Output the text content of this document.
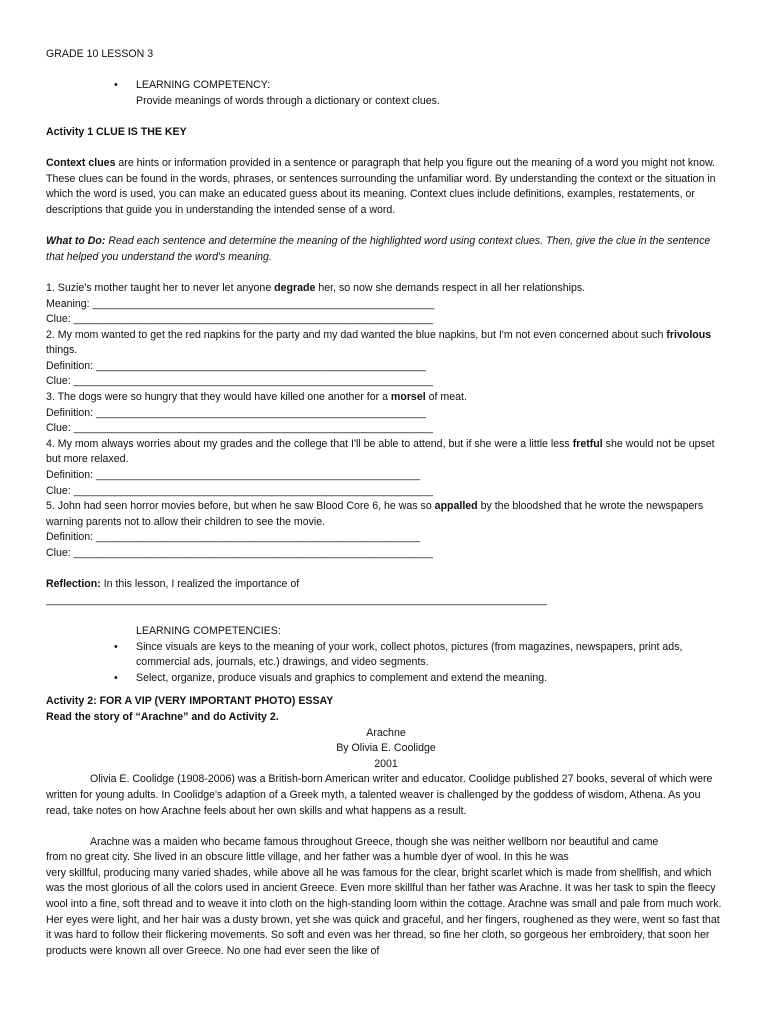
GRADE 10 LESSON 3

• LEARNING COMPETENCY:

Provide meanings of words through a dictionary or context clues.

Activity 1 CLUE IS THE KEY

Context clues are hints or information provided in a sentence or paragraph that help you figure out the meaning of a word you might not know. These clues can be found in the words, phrases, or sentences surrounding the unfamiliar word. By understanding the context or the situation in which the word is used, you can make an educated guess about its meaning. Context clues include definitions, examples, restatements, or descriptions that guide you in understanding the intended sense of a word.

What to Do: Read each sentence and determine the meaning of the highlighted word using context clues. Then, give the clue in the sentence that helped you understand the word's meaning.

1. Suzie's mother taught her to never let anyone degrade her, so now she demands respect in all her relationships.

Meaning: __________________________________________________________

Clue: _____________________________________________________________

2. My mom wanted to get the red napkins for the party and my dad wanted the blue napkins, but I'm not even concerned about such frivolous things.

Definition: ________________________________________________________

Clue: _____________________________________________________________

3. The dogs were so hungry that they would have killed one another for a morsel of meat.

Definition: ________________________________________________________

Clue: _____________________________________________________________

4. My mom always worries about my grades and the college that I'll be able to attend, but if she were a little less fretful she would not be upset but more relaxed.

Definition: _______________________________________________________

Clue: _____________________________________________________________

5. John had seen horror movies before, but when he saw Blood Core 6, he was so appalled by the bloodshed that he wrote the newspapers warning parents not to allow their children to see the movie.

Definition: _______________________________________________________

Clue: _____________________________________________________________

Reflection: In this lesson, I realized the importance of

_____________________________________________________________________________________

LEARNING COMPETENCIES:

• Since visuals are keys to the meaning of your work, collect photos, pictures (from magazines, newspapers, print ads, commercial ads, journals, etc.) drawings, and video segments.

• Select, organize, produce visuals and graphics to complement and extend the meaning.

Activity 2: FOR A VIP (VERY IMPORTANT PHOTO) ESSAY

Read the story of “Arachne” and do Activity 2.

Arachne

By Olivia E. Coolidge

2001

Olivia E. Coolidge (1908-2006) was a British-born American writer and educator. Coolidge published 27 books, several of which were written for young adults. In Coolidge's adaption of a Greek myth, a talented weaver is challenged by the goddess of wisdom, Athena. As you read, take notes on how Arachne feels about her own skills and what happens as a result.

Arachne was a maiden who became famous throughout Greece, though she was neither wellborn nor beautiful and came

from no great city. She lived in an obscure little village, and her father was a humble dyer of wool. In this he was

very skillful, producing many varied shades, while above all he was famous for the clear, bright scarlet which is made from shellfish, and which was the most glorious of all the colors used in ancient Greece. Even more skillful than her father was Arachne. It was her task to spin the fleecy wool into a fine, soft thread and to weave it into cloth on the high-standing loom within the cottage. Arachne was small and pale from much work. Her eyes were light, and her hair was a dusty brown, yet she was quick and graceful, and her fingers, roughened as they were, went so fast that it was hard to follow their flickering movements. So soft and even was her thread, so fine her cloth, so gorgeous her embroidery, that soon her products were known all over Greece. No one had ever seen the like of
